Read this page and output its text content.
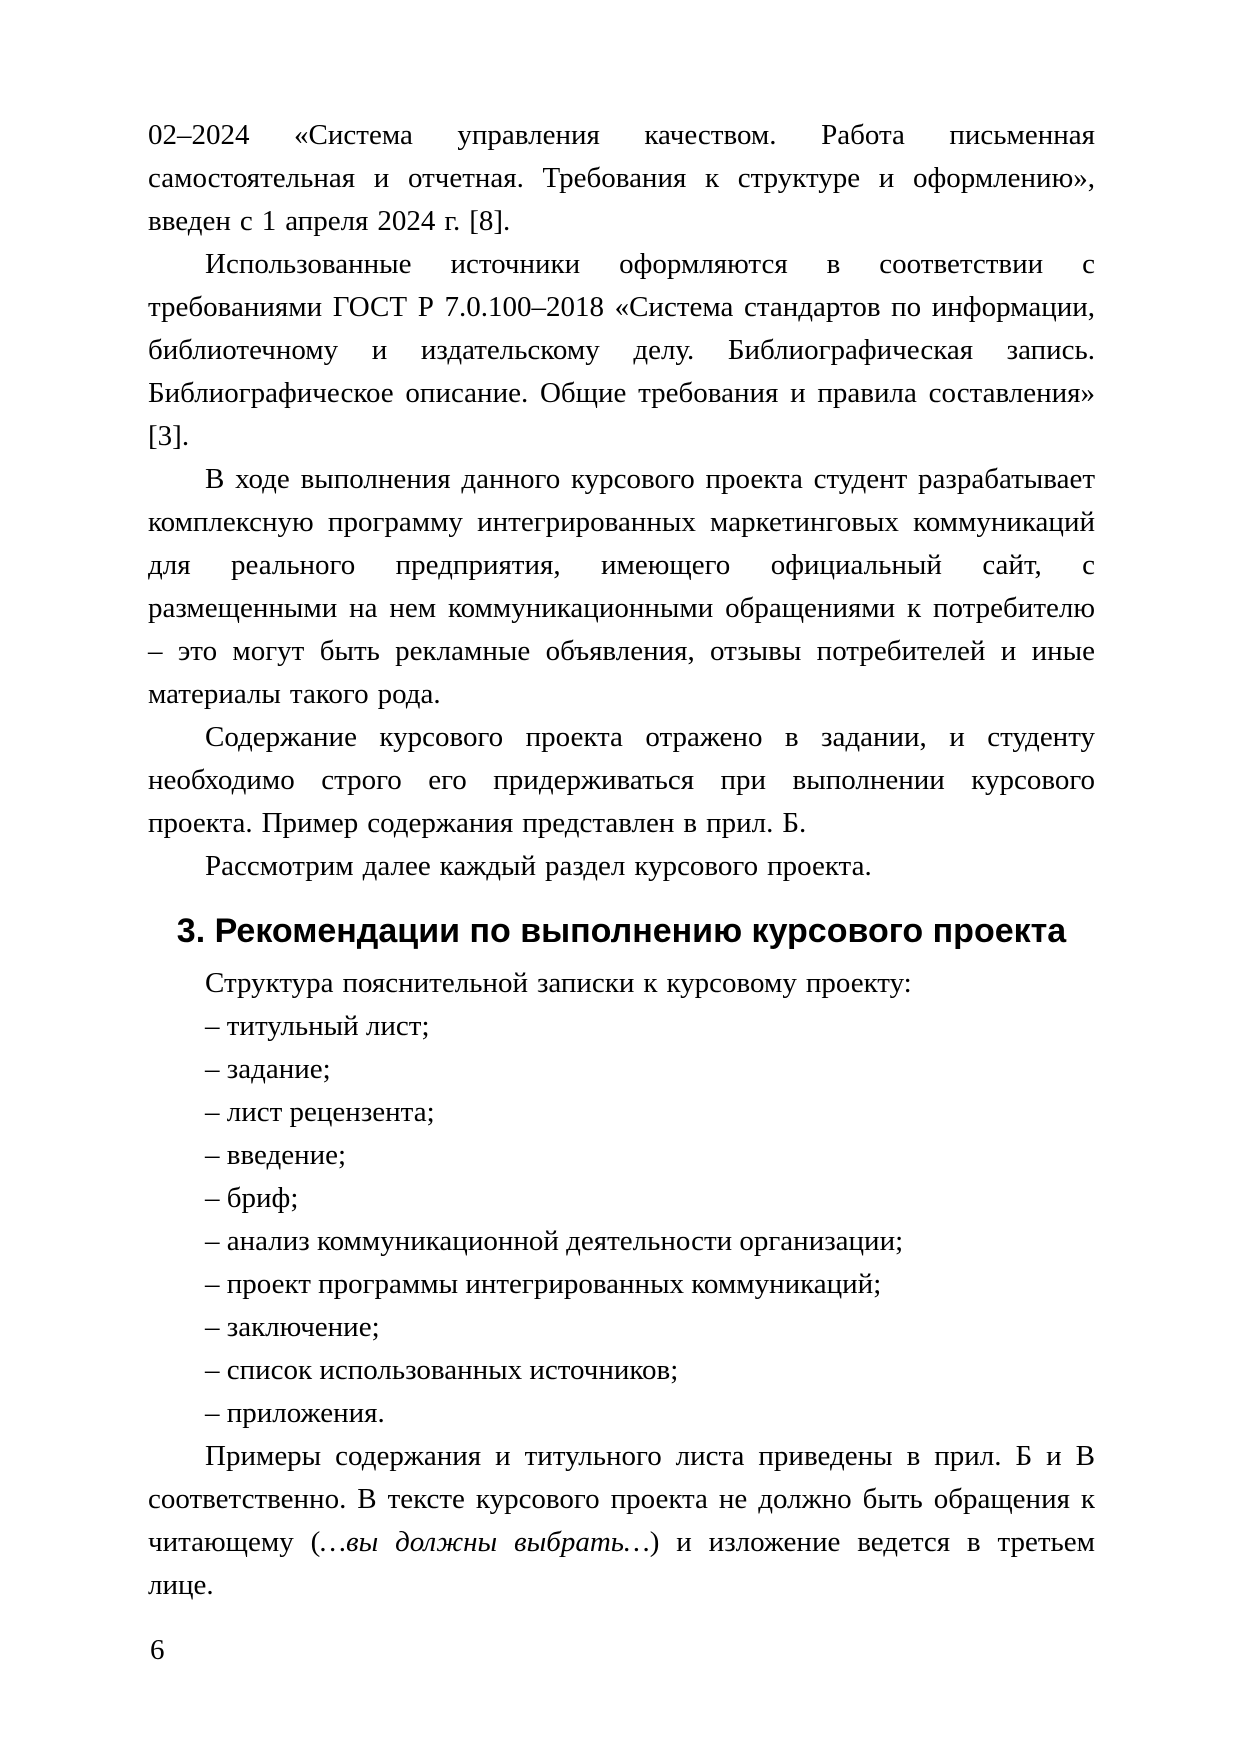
02–2024 «Система управления качеством. Работа письменная самостоятельная и отчетная. Требования к структуре и оформлению», введен с 1 апреля 2024 г. [8].

Использованные источники оформляются в соответствии с требованиями ГОСТ Р 7.0.100–2018 «Система стандартов по информации, библиотечному и издательскому делу. Библиографическая запись. Библиографическое описание. Общие требования и правила составления» [3].

В ходе выполнения данного курсового проекта студент разрабатывает комплексную программу интегрированных маркетинговых коммуникаций для реального предприятия, имеющего официальный сайт, с размещенными на нем коммуникационными обращениями к потребителю – это могут быть рекламные объявления, отзывы потребителей и иные материалы такого рода.

Содержание курсового проекта отражено в задании, и студенту необходимо строго его придерживаться при выполнении курсового проекта. Пример содержания представлен в прил. Б.

Рассмотрим далее каждый раздел курсового проекта.

3. Рекомендации по выполнению курсового проекта

Структура пояснительной записки к курсовому проекту:

– титульный лист;
– задание;
– лист рецензента;
– введение;
– бриф;
– анализ коммуникационной деятельности организации;
– проект программы интегрированных коммуникаций;
– заключение;
– список использованных источников;
– приложения.

Примеры содержания и титульного листа приведены в прил. Б и В соответственно. В тексте курсового проекта не должно быть обращения к читающему (…вы должны выбрать…) и изложение ведется в третьем лице.

6
